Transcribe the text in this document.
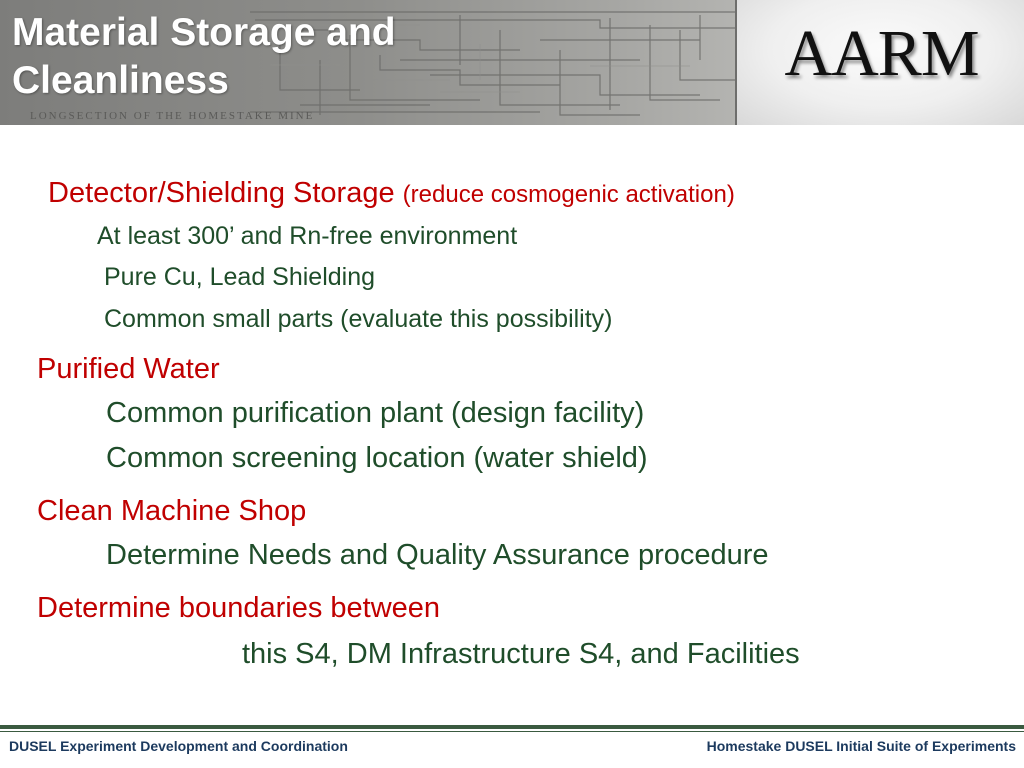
LONGSECTION OF THE HOMESTAKE MINE
Material Storage and
Cleanliness	AARM
Detector/Shielding Storage (reduce cosmogenic activation)
At least 300’ and Rn-free environment
Pure Cu, Lead Shielding
Common small parts (evaluate this possibility)
Purified Water
Common purification plant (design facility)
Common screening location (water shield)
Clean Machine Shop
Determine Needs and Quality Assurance procedure
Determine boundaries between
this S4, DM Infrastructure S4, and Facilities
DUSEL Experiment Development and Coordination	Homestake DUSEL Initial Suite of Experiments
